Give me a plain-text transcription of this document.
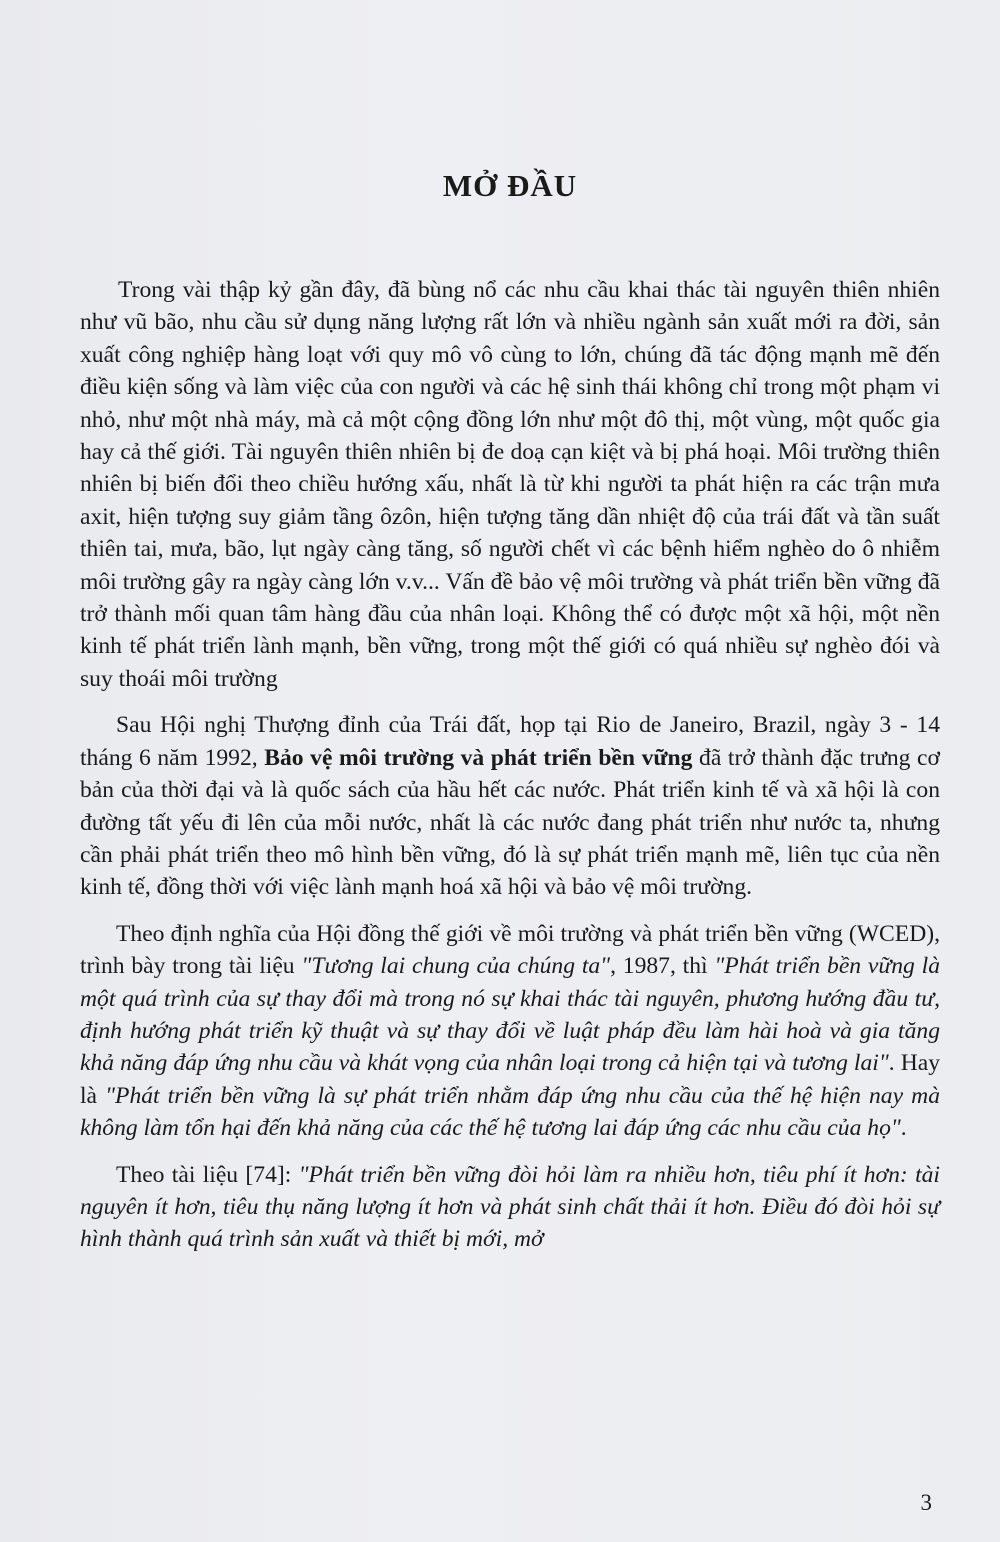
MỞ ĐẦU

Trong vài thập kỷ gần đây, đã bùng nổ các nhu cầu khai thác tài nguyên thiên nhiên như vũ bão, nhu cầu sử dụng năng lượng rất lớn và nhiều ngành sản xuất mới ra đời, sản xuất công nghiệp hàng loạt với quy mô vô cùng to lớn, chúng đã tác động mạnh mẽ đến điều kiện sống và làm việc của con người và các hệ sinh thái không chỉ trong một phạm vi nhỏ, như một nhà máy, mà cả một cộng đồng lớn như một đô thị, một vùng, một quốc gia hay cả thế giới. Tài nguyên thiên nhiên bị đe doạ cạn kiệt và bị phá hoại. Môi trường thiên nhiên bị biến đổi theo chiều hướng xấu, nhất là từ khi người ta phát hiện ra các trận mưa axit, hiện tượng suy giảm tầng ôzôn, hiện tượng tăng dần nhiệt độ của trái đất và tần suất thiên tai, mưa, bão, lụt ngày càng tăng, số người chết vì các bệnh hiểm nghèo do ô nhiễm môi trường gây ra ngày càng lớn v.v... Vấn đề bảo vệ môi trường và phát triển bền vững đã trở thành mối quan tâm hàng đầu của nhân loại. Không thể có được một xã hội, một nền kinh tế phát triển lành mạnh, bền vững, trong một thế giới có quá nhiều sự nghèo đói và suy thoái môi trường

Sau Hội nghị Thượng đỉnh của Trái đất, họp tại Rio de Janeiro, Brazil, ngày 3 - 14 tháng 6 năm 1992, Bảo vệ môi trường và phát triển bền vững đã trở thành đặc trưng cơ bản của thời đại và là quốc sách của hầu hết các nước. Phát triển kinh tế và xã hội là con đường tất yếu đi lên của mỗi nước, nhất là các nước đang phát triển như nước ta, nhưng cần phải phát triển theo mô hình bền vững, đó là sự phát triển mạnh mẽ, liên tục của nền kinh tế, đồng thời với việc lành mạnh hoá xã hội và bảo vệ môi trường.

Theo định nghĩa của Hội đồng thế giới về môi trường và phát triển bền vững (WCED), trình bày trong tài liệu "Tương lai chung của chúng ta", 1987, thì "Phát triển bền vững là một quá trình của sự thay đổi mà trong nó sự khai thác tài nguyên, phương hướng đầu tư, định hướng phát triển kỹ thuật và sự thay đổi về luật pháp đều làm hài hoà và gia tăng khả năng đáp ứng nhu cầu và khát vọng của nhân loại trong cả hiện tại và tương lai". Hay là "Phát triển bền vững là sự phát triển nhằm đáp ứng nhu cầu của thế hệ hiện nay mà không làm tổn hại đến khả năng của các thế hệ tương lai đáp ứng các nhu cầu của họ".

Theo tài liệu [74]: "Phát triển bền vững đòi hỏi làm ra nhiều hơn, tiêu phí ít hơn: tài nguyên ít hơn, tiêu thụ năng lượng ít hơn và phát sinh chất thải ít hơn. Điều đó đòi hỏi sự hình thành quá trình sản xuất và thiết bị mới, mở

3
